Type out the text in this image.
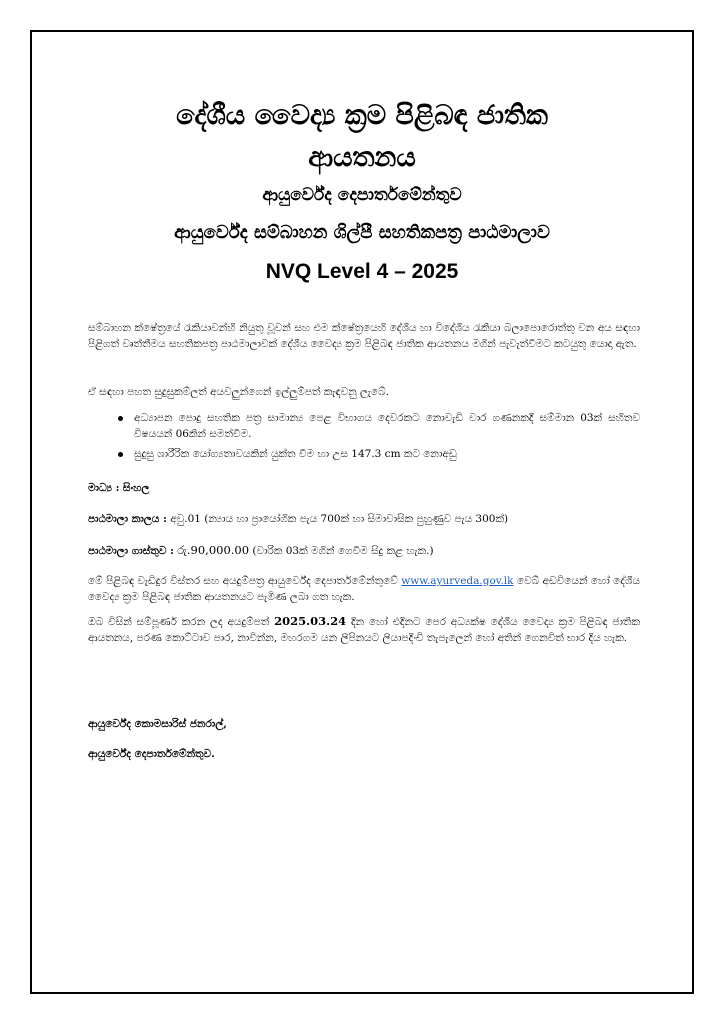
දේශීය වෛද්‍ය ක්‍රම පිළිබඳ ජාතික
ආයතනය
ආයුර්වේද දෙපාර්තමේන්තුව
ආයුර්වේද සම්බාහන ශිල්පී සහතිකපත්‍ර පාඨමාලාව
NVQ Level 4 – 2025
සම්බාහන ක්ෂේත්‍රයේ රැකියාවන්හි නියුතු වූවන් සහ එම ක්ෂේත්‍රයෙහි දේශීය හා විදේශීය රැකියා බලාපොරොත්තු වන අය සඳහා පිළිගත් වෘත්තීමය සහතිකපත්‍ර පාඨමාලාවක් දේශීය වෛද්‍ය ක්‍රම පිළිබඳ ජාතික ආයතනය මගින් පැවැත්වීමට කටයුතු යොදා ඇත.
ඒ සඳහා පහත සුදුසුකම්ලත් අයවලුන්ගෙන් ඉල්ලුම්පත් කැඳවනු ලැබේ.
අධ්‍යාපන පොදු සහතික පත්‍ර සාමාන්‍ය පෙළ විභාගය දෙවරකට නොවැඩි වාර ගණනකදී සම්මාන 03ක් සහිතව විෂයයන් 06කින් සමත්වීම.
සුදුසු ශාරීරික යෝග්‍යතාවයකින් යුක්ත වීම හා උස 147.3 cm කට නොඅඩු
මාධ්‍ය : සිංහල
පාඨමාලා කාලය : අවු.01 (න්‍යාය හා ප්‍රායෝගික පැය 700ක් හා සිමාවාසික පුහුණුව පැය 300ක්)
පාඨමාලා ගාස්තුව : රු.90,000.00 (වාරික 03ක් මගින් ගෙවීම සිදු කළ හැක.)
මේ පිළිබඳ වැඩිදුර විස්තර සහ අයදුම්පත්‍ර ආයුර්වේද දෙපාර්තමේන්තුවේ www.ayurveda.gov.lk වෙබ් අඩවියෙන් හෝ දේශීය වෛද්‍ය ක්‍රම පිළිබඳ ජාතික ආයතනයට පැමිණ ලබා ගත හැක.
ඔබ විසින් සම්පූර්ණ කරන ලද අයදුම්පත් 2025.03.24 දින හෝ එදිනට පෙර අධ්‍යක්ෂ දේශීය වෛද්‍ය ක්‍රම පිළිබඳ ජාතික ආයතනය, පරණ කොට්ටාව පාර, නාවින්න, මහරගම යන ලිපිනයට ලියාපදිංචි තැපැලෙන් හෝ අතින් ගෙනවිත් භාර දිය හැක.
ආයුර්වේද කොමසාරිස් ජනරාල්,
ආයුර්වේද දෙපාර්තමේන්තුව.
